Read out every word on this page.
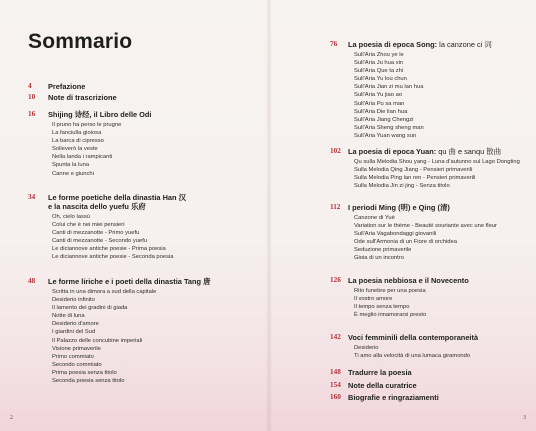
Sommario
4 Prefazione
10 Note di trascrizione
16 Shijing 诗经, il Libro delle Odi
Il pruno ha perso le prugne
La fanciulla gioiosa
La barca di cipresso
Solleverò la veste
Nella landa i rampicanti
Spunta la luna
Canne e giunchi
34 Le forme poetiche della dinastia Han 汉
e la nascita dello yuefu 乐府
Oh, cielo lassù
Colui che è nei miei pensieri
Canti di mezzanotte - Primo yuefu
Canti di mezzanotte - Secondo yuefu
Le diciannove antiche poesie - Prima poesia
Le diciannove antiche poesie - Seconda poesia
48 Le forme liriche e i poeti della dinastia Tang 唐
Scritta in una dimora a sud della capitale
Desiderio infinito
Il lamento dei gradini di giada
Notte di luna
Desiderio d'amore
I giardini del Sud
Il Palazzo delle concubine imperiali
Visione primaverile
Primo commiato
Secondo commiato
Prima poesia senza titolo
Seconda poesia senza titolo
76 La poesia di epoca Song: la canzone ci 词
Sull'Aria Zhou ye le
Sull'Aria Ju hua xin
Sull'Aria Que ta zhi
Sull'Aria Yu lou chun
Sull'Aria Jian zi mu lan hua
Sull'Aria Yu jiao ao
Sull'Aria Pu sa man
Sull'Aria Die lian hua
Sull'Aria Jiang Chengzi
Sull'Aria Sheng sheng man
Sull'Aria Yuan wang sun
102 La poesia di epoca Yuan: qu 曲 e sanqu 散曲
Qu sulla Melodia Shou yang - Luna d'autunno sul Lago Dongting
Sulla Melodia Qing Jiang - Pensieri primaverili
Sulla Melodia Ping lan ren - Pensieri primaverili
Sulla Melodia Jin zi jing - Senza titolo
112 I periodi Ming (明) e Qing (清)
Canzone di Yuè
Variation sur le thème - Beauté souriante avec une fleur
Sull'Aria Vagabondaggi giovanili
Ode sull'Armonia di un Fiore di orchidea
Seduzione primaverile
Gioia di un incontro
126 La poesia nebbiosa e il Novecento
Rito funebre per una poesia
Il vostro amore
Il tempo senza tempo
È meglio innamorarsi presto
142 Voci femminili della contemporaneità
Desiderio
Ti amo alla velocità di una lumaca giramondo
148 Tradurre la poesia
154 Note della curatrice
160 Biografie e ringraziamenti
2	3
